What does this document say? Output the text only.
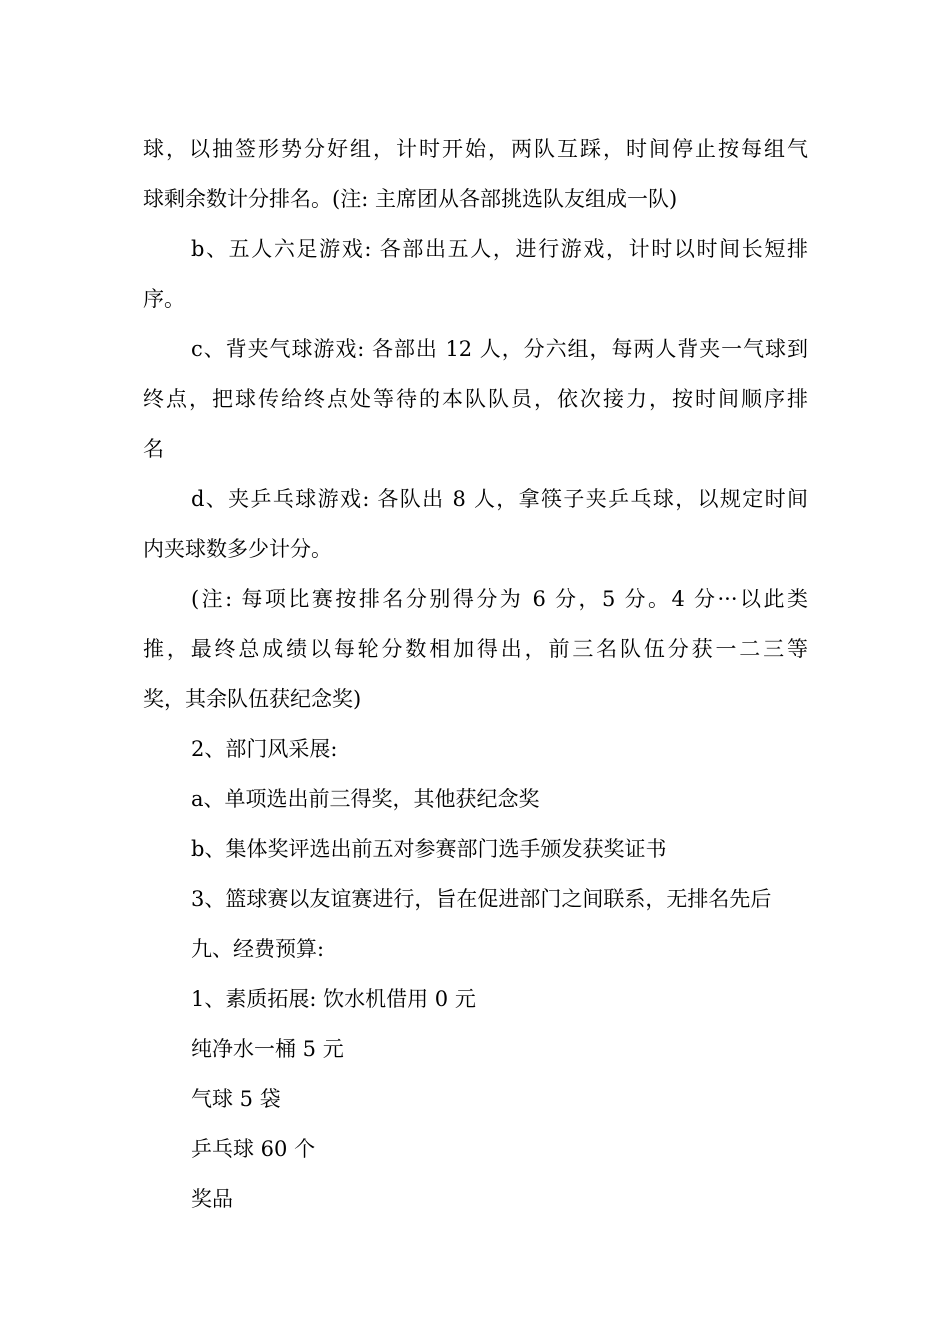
球，以抽签形势分好组，计时开始，两队互踩，时间停止按每组气
球剩余数计分排名。(注: 主席团从各部挑选队友组成一队)
b、五人六足游戏: 各部出五人，进行游戏，计时以时间长短排
序。
c、背夹气球游戏: 各部出 12 人，分六组，每两人背夹一气球到
终点，把球传给终点处等待的本队队员，依次接力，按时间顺序排
名
d、夹乒乓球游戏: 各队出 8 人，拿筷子夹乒乓球，以规定时间
内夹球数多少计分。
(注: 每项比赛按排名分别得分为 6 分，5 分。4 分···以此类
推，最终总成绩以每轮分数相加得出，前三名队伍分获一二三等
奖，其余队伍获纪念奖)
2、部门风采展:
a、单项选出前三得奖，其他获纪念奖
b、集体奖评选出前五对参赛部门选手颁发获奖证书
3、篮球赛以友谊赛进行，旨在促进部门之间联系，无排名先后
九、经费预算:
1、素质拓展: 饮水机借用 0 元
纯净水一桶 5 元
气球 5 袋
乒乓球 60 个
奖品
